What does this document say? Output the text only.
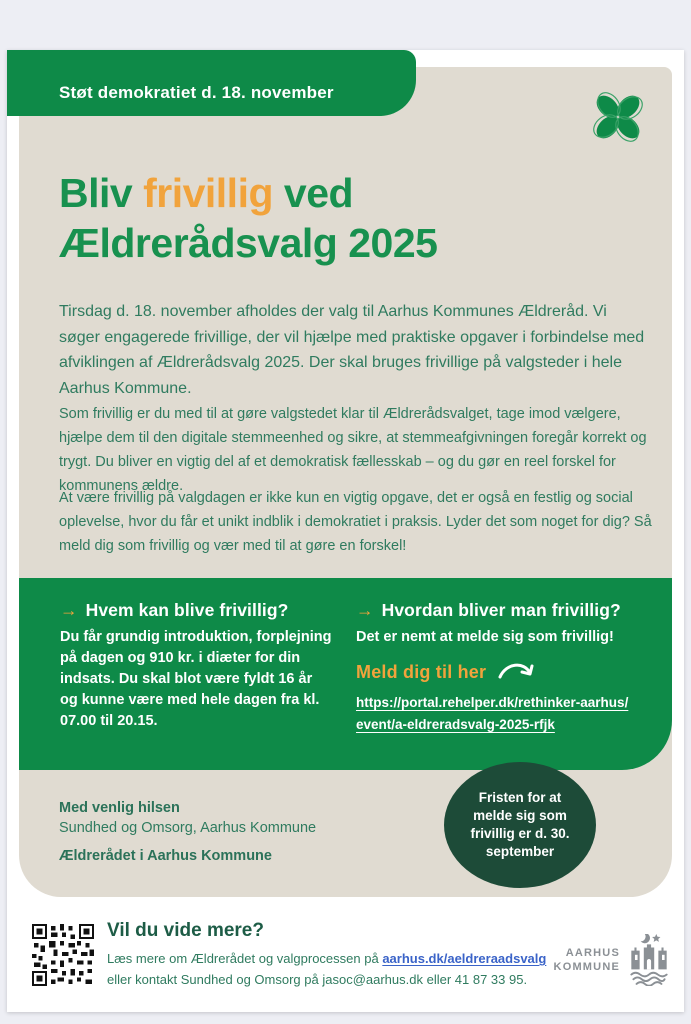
Støt demokratiet d. 18. november
Bliv frivillig ved
Ældrerådsvalg 2025
Tirsdag d. 18. november afholdes der valg til Aarhus Kommunes Ældreråd. Vi søger engagerede frivillige, der vil hjælpe med praktiske opgaver i forbindelse med afviklingen af Ældrerådsvalg 2025. Der skal bruges frivillige på valgsteder i hele Aarhus Kommune.
Som frivillig er du med til at gøre valgstedet klar til Ældrerådsvalget, tage imod vælgere, hjælpe dem til den digitale stemmeenhed og sikre, at stemmeafgivningen foregår korrekt og trygt. Du bliver en vigtig del af et demokratisk fællesskab – og du gør en reel forskel for kommunens ældre.
At være frivillig på valgdagen er ikke kun en vigtig opgave, det er også en festlig og social oplevelse, hvor du får et unikt indblik i demokratiet i praksis. Lyder det som noget for dig? Så meld dig som frivillig og vær med til at gøre en forskel!
→ Hvem kan blive frivillig?
Du får grundig introduktion, forplejning på dagen og 910 kr. i diæter for din indsats. Du skal blot være fyldt 16 år og kunne være med hele dagen fra kl. 07.00 til 20.15.
→ Hvordan bliver man frivillig?
Det er nemt at melde sig som frivillig!
Meld dig til her
https://portal.rehelper.dk/rethinker-aarhus/
event/a-eldreradsvalg-2025-rfjk
Fristen for at melde sig som frivillig er d. 30. september
Med venlig hilsen
Sundhed og Omsorg, Aarhus Kommune
Ældrerådet i Aarhus Kommune
Vil du vide mere?
Læs mere om Ældrerådet og valgprocessen på aarhus.dk/aeldreraadsvalg
eller kontakt Sundhed og Omsorg på jasoc@aarhus.dk eller 41 87 33 95.
AARHUS
KOMMUNE
